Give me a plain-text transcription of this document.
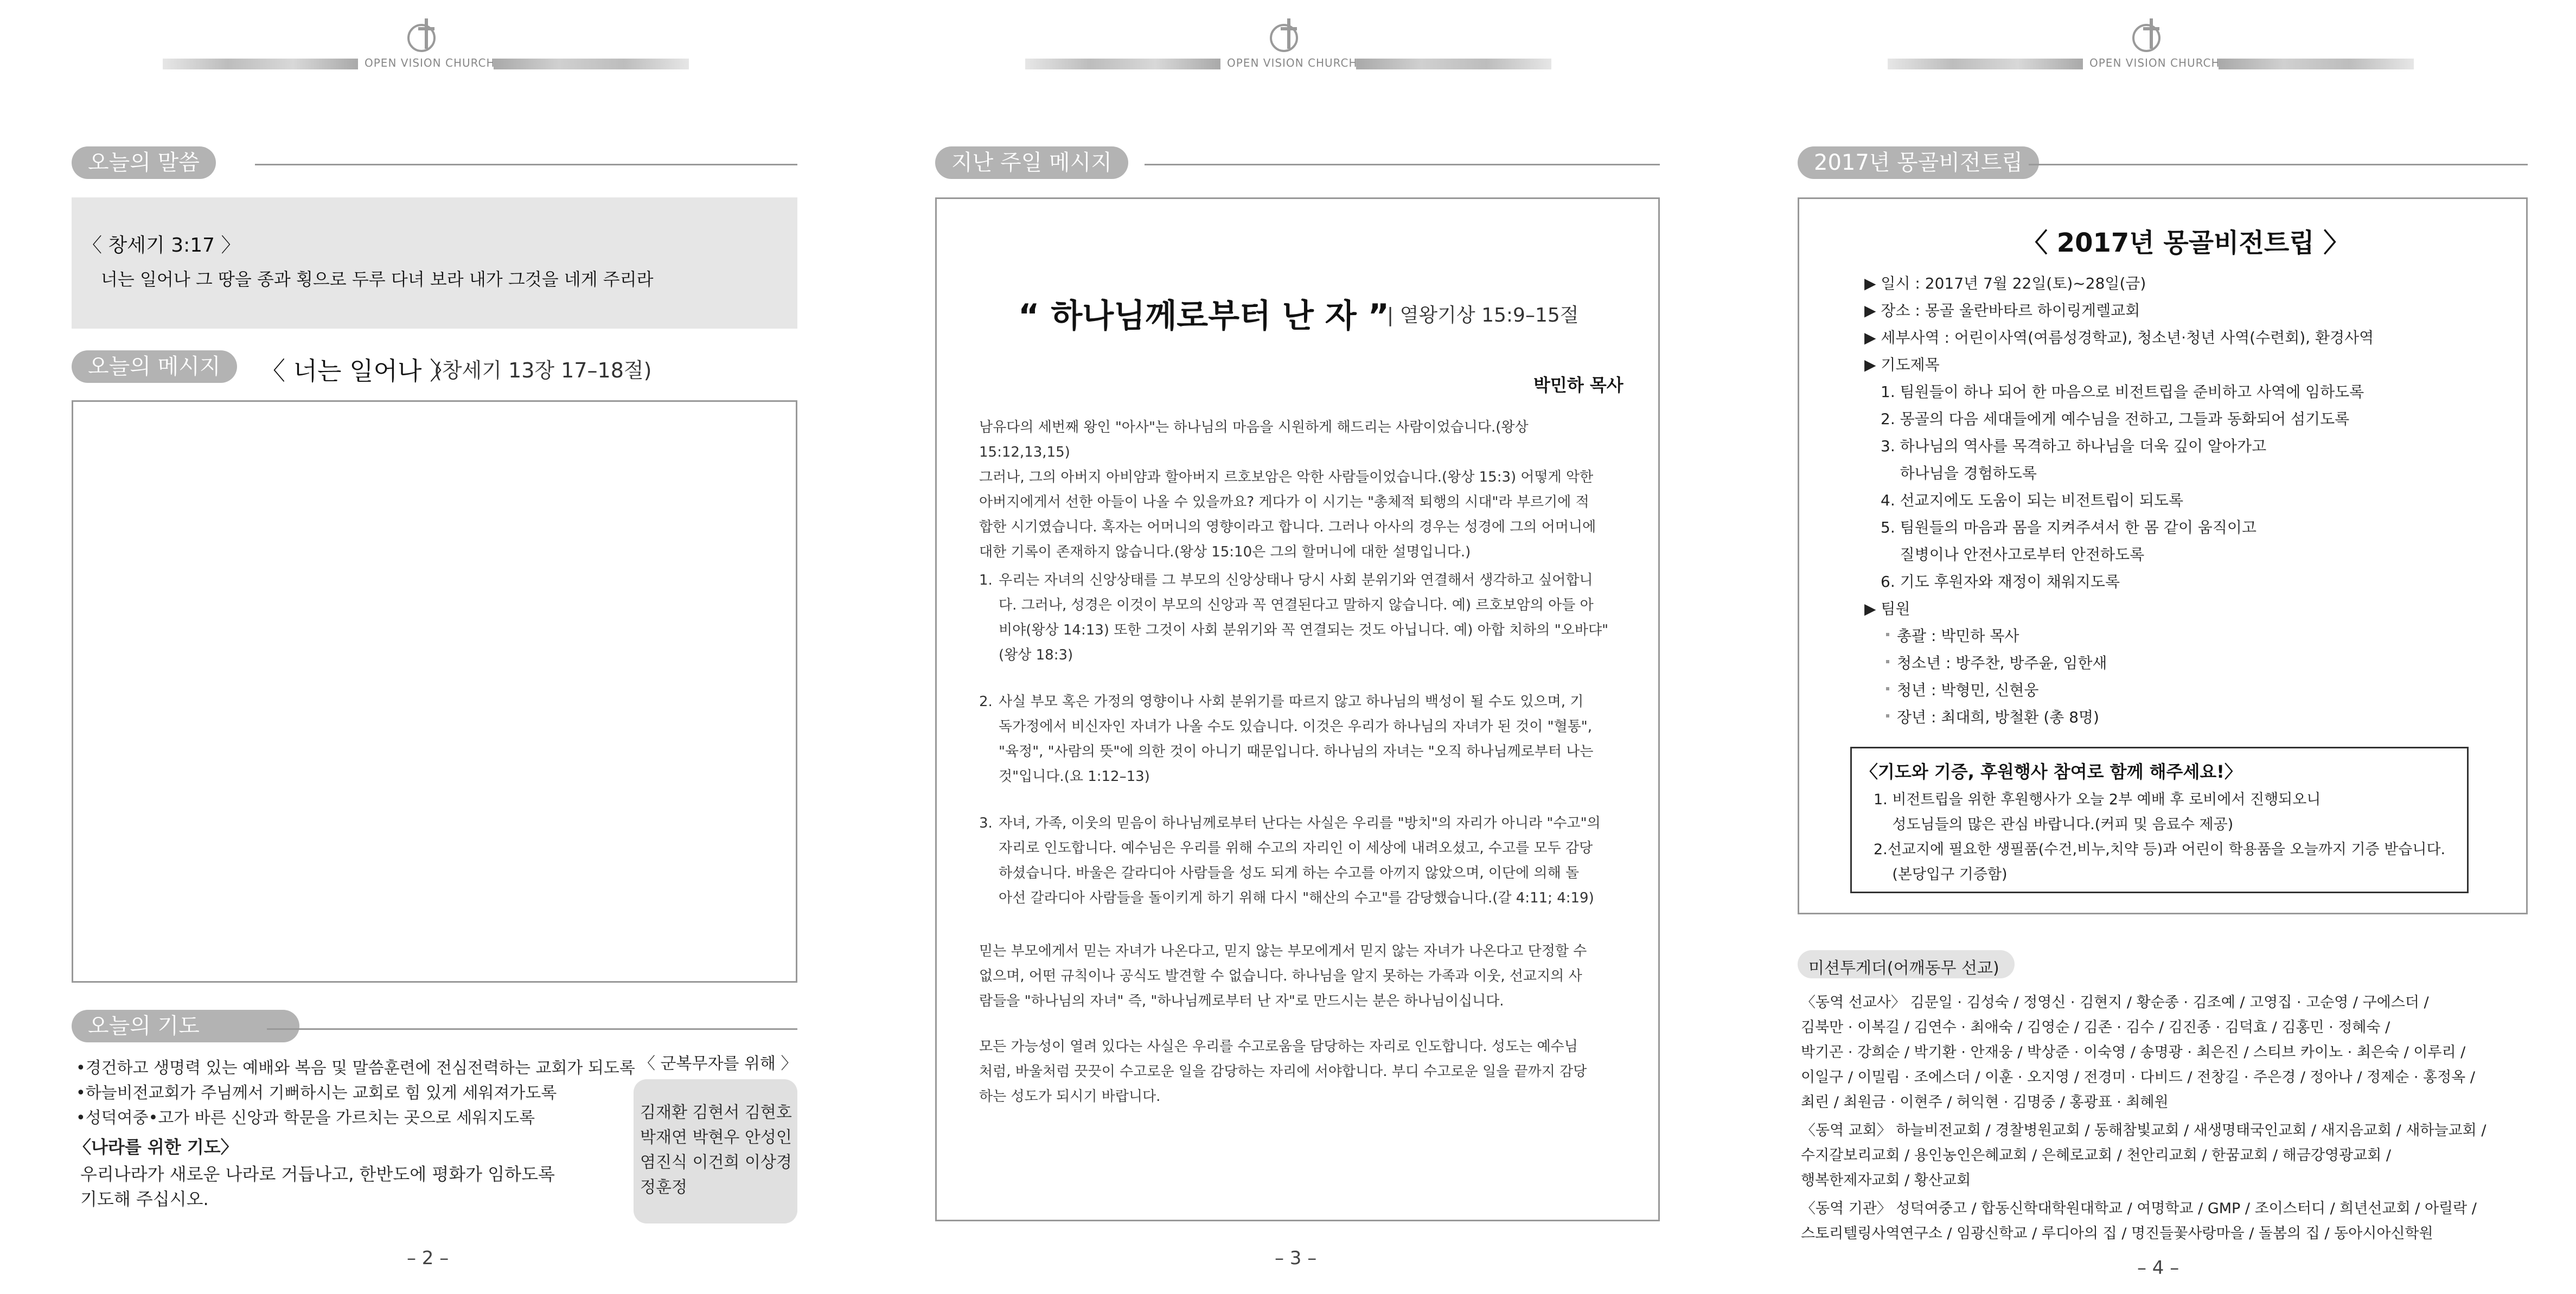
OPEN VISION CHURCH
오늘의 말씀
〈 창세기 3:17 〉
너는 일어나 그 땅을 종과 횡으로 두루 다녀 보라 내가 그것을 네게 주리라
오늘의 메시지	〈 너는 일어나 〉
(창세기 13장 17–18절)
오늘의 기도
•경건하고 생명력 있는 예배와 복음 및 말씀훈련에 전심전력하는 교회가 되도록
•하늘비전교회가 주님께서 기뻐하시는 교회로 힘 있게 세워져가도록
•성덕여중•고가 바른 신앙과 학문을 가르치는 곳으로 세워지도록
〈나라를 위한 기도〉
우리나라가 새로운 나라로 거듭나고, 한반도에 평화가 임하도록
기도해 주십시오.
〈 군복무자를 위해 〉
김재환 김현서 김현호
박재연 박현우 안성인
염진식 이건희 이상경
정훈정
– 2 –
OPEN VISION CHURCH
지난 주일 메시지
“ 하나님께로부터 난 자 ”
| 열왕기상 15:9–15절
박민하 목사

남유다의 세번째 왕인 "아사"는 하나님의 마음을 시원하게 해드리는 사람이었습니다.(왕상 15:12,13,15)

그러나, 그의 아버지 아비얌과 할아버지 르호보암은 악한 사람들이었습니다.(왕상 15:3) 어떻게 악한

아버지에게서 선한 아들이 나올 수 있을까요? 게다가 이 시기는 "총체적 퇴행의 시대"라 부르기에 적

합한 시기였습니다. 혹자는 어머니의 영향이라고 합니다. 그러나 아사의 경우는 성경에 그의 어머니에

대한 기록이 존재하지 않습니다.(왕상 15:10은 그의 할머니에 대한 설명입니다.)

1. 우리는 자녀의 신앙상태를 그 부모의 신앙상태나 당시 사회 분위기와 연결해서 생각하고 싶어합니

다. 그러나, 성경은 이것이 부모의 신앙과 꼭 연결된다고 말하지 않습니다. 예) 르호보암의 아들 아

비야(왕상 14:13) 또한 그것이 사회 분위기와 꼭 연결되는 것도 아닙니다. 예) 아합 치하의 "오바댜"

(왕상 18:3)

2. 사실 부모 혹은 가정의 영향이나 사회 분위기를 따르지 않고 하나님의 백성이 될 수도 있으며, 기

독가정에서 비신자인 자녀가 나올 수도 있습니다. 이것은 우리가 하나님의 자녀가 된 것이 "혈통",

"육정", "사람의 뜻"에 의한 것이 아니기 때문입니다. 하나님의 자녀는 "오직 하나님께로부터 나는

것"입니다.(요 1:12–13)

3. 자녀, 가족, 이웃의 믿음이 하나님께로부터 난다는 사실은 우리를 "방치"의 자리가 아니라 "수고"의

자리로 인도합니다. 예수님은 우리를 위해 수고의 자리인 이 세상에 내려오셨고, 수고를 모두 감당

하셨습니다. 바울은 갈라디아 사람들을 성도 되게 하는 수고를 아끼지 않았으며, 이단에 의해 돌

아선 갈라디아 사람들을 돌이키게 하기 위해 다시 "해산의 수고"를 감당했습니다.(갈 4:11; 4:19)

믿는 부모에게서 믿는 자녀가 나온다고, 믿지 않는 부모에게서 믿지 않는 자녀가 나온다고 단정할 수

없으며, 어떤 규칙이나 공식도 발견할 수 없습니다. 하나님을 알지 못하는 가족과 이웃, 선교지의 사

람들을 "하나님의 자녀" 즉, "하나님께로부터 난 자"로 만드시는 분은 하나님이십니다.

모든 가능성이 열려 있다는 사실은 우리를 수고로움을 담당하는 자리로 인도합니다. 성도는 예수님

처럼, 바울처럼 끗끗이 수고로운 일을 감당하는 자리에 서야합니다. 부디 수고로운 일을 끝까지 감당

하는 성도가 되시기 바랍니다.

– 3 –
OPEN VISION CHURCH
2017년 몽골비전트립
〈 2017년 몽골비전트립 〉
▶ 일시 : 2017년 7월 22일(토)~28일(금)
▶ 장소 : 몽골 울란바타르 하이링게렐교회
▶ 세부사역 : 어린이사역(여름성경학교), 청소년·청년 사역(수련회), 환경사역
▶ 기도제목
1. 팀원들이 하나 되어 한 마음으로 비전트립을 준비하고 사역에 임하도록
2. 몽골의 다음 세대들에게 예수님을 전하고, 그들과 동화되어 섬기도록
3. 하나님의 역사를 목격하고 하나님을 더욱 깊이 알아가고
하나님을 경험하도록
4. 선교지에도 도움이 되는 비전트립이 되도록
5. 팀원들의 마음과 몸을 지켜주셔서 한 몸 같이 움직이고
질병이나 안전사고로부터 안전하도록
6. 기도 후원자와 재정이 채워지도록
▶ 팀원
총괄 : 박민하 목사
청소년 : 방주찬, 방주윤, 임한새
청년 : 박형민, 신현웅
장년 : 최대희, 방철환 (총 8명)
〈기도와 기증, 후원행사 참여로 함께 해주세요!〉
1. 비전트립을 위한 후원행사가 오늘 2부 예배 후 로비에서 진행되오니
성도님들의 많은 관심 바랍니다.(커피 및 음료수 제공)
2.선교지에 필요한 생필품(수건,비누,치약 등)과 어린이 학용품을 오늘까지 기증 받습니다.
(본당입구 기증함)
미션투게더(어깨동무 선교)
〈동역 선교사〉 김문일 · 김성숙 / 정영신 · 김현지 / 황순종 · 김조예 / 고영집 · 고순영 / 구에스더 /
김북만 · 이복길 / 김연수 · 최애숙 / 김영순 / 김존 · 김수 / 김진종 · 김덕효 / 김홍민 · 정혜숙 /
박기곤 · 강희순 / 박기환 · 안재웅 / 박상준 · 이숙영 / 송명광 · 최은진 / 스티브 카이노 · 최은숙 / 이루리 /
이일구 / 이밀림 · 조에스더 / 이훈 · 오지영 / 전경미 · 다비드 / 전창길 · 주은경 / 정아나 / 정제순 · 홍정옥 /
최린 / 최원금 · 이현주 / 허익현 · 김명중 / 홍광표 · 최혜원
〈동역 교회〉 하늘비전교회 / 경찰병원교회 / 동해참빛교회 / 새생명태국인교회 / 새지음교회 / 새하늘교회 /
수지갈보리교회 / 용인농인은혜교회 / 은혜로교회 / 천안리교회 / 한꿈교회 / 해금강영광교회 /
행복한제자교회 / 황산교회
〈동역 기관〉 성덕여중고 / 합동신학대학원대학교 / 여명학교 / GMP / 조이스터디 / 희년선교회 / 아릴락 /
스토리텔링사역연구소 / 임광신학교 / 루디아의 집 / 명진들꽃사랑마을 / 돌봄의 집 / 동아시아신학원
– 4 –
